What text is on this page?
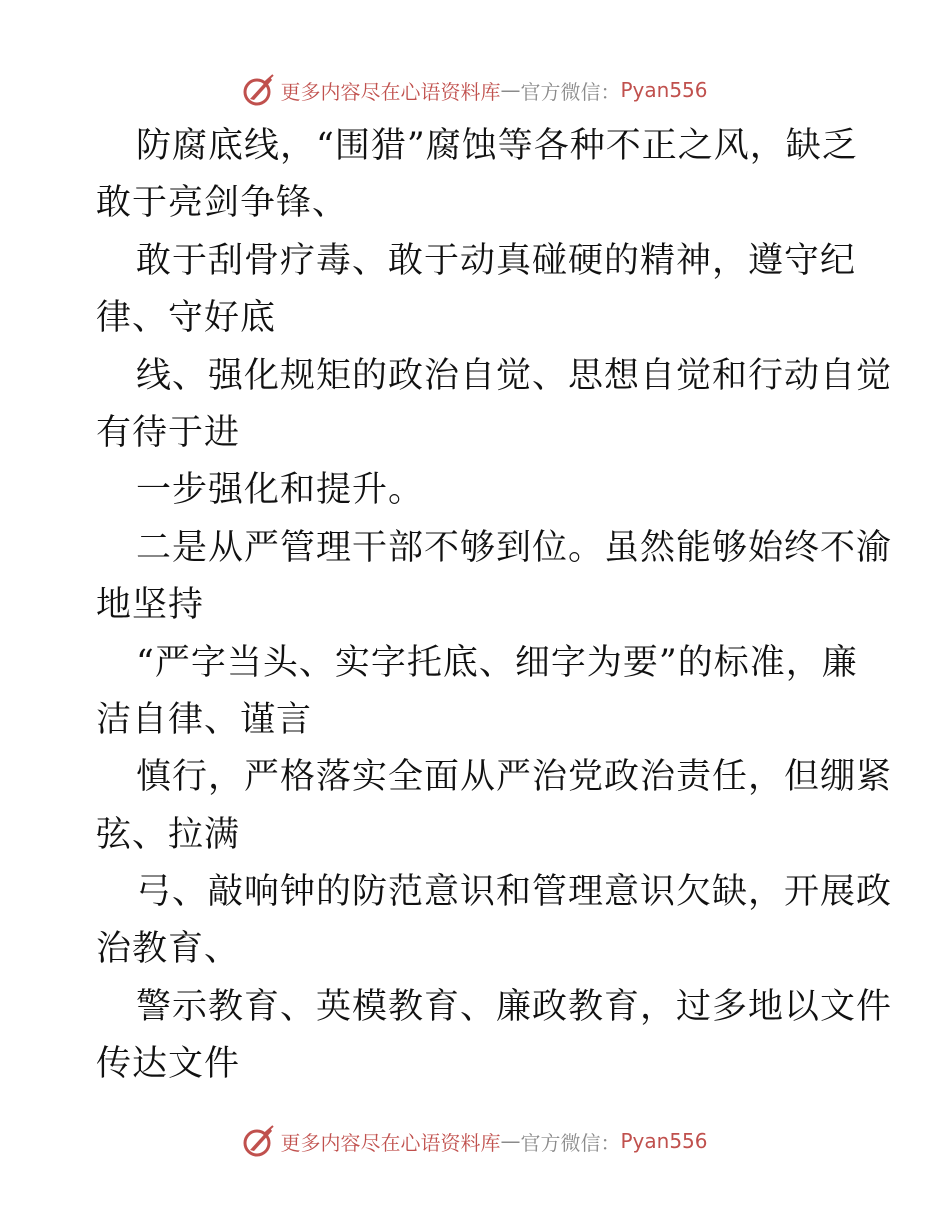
更多内容尽在心语资料库 — 官方微信： Pyan556
防腐底线，“围猎”腐蚀等各种不正之风，缺乏
敢于亮剑争锋、
敢于刮骨疗毒、敢于动真碰硬的精神，遵守纪
律、守好底
线、强化规矩的政治自觉、思想自觉和行动自觉
有待于进
一步强化和提升。
二是从严管理干部不够到位。虽然能够始终不渝
地坚持
“严字当头、实字托底、细字为要”的标准，廉
洁自律、谨言
慎行，严格落实全面从严治党政治责任，但绷紧
弦、拉满
弓、敲响钟的防范意识和管理意识欠缺，开展政
治教育、
警示教育、英模教育、廉政教育，过多地以文件
传达文件
更多内容尽在心语资料库 — 官方微信： Pyan556
